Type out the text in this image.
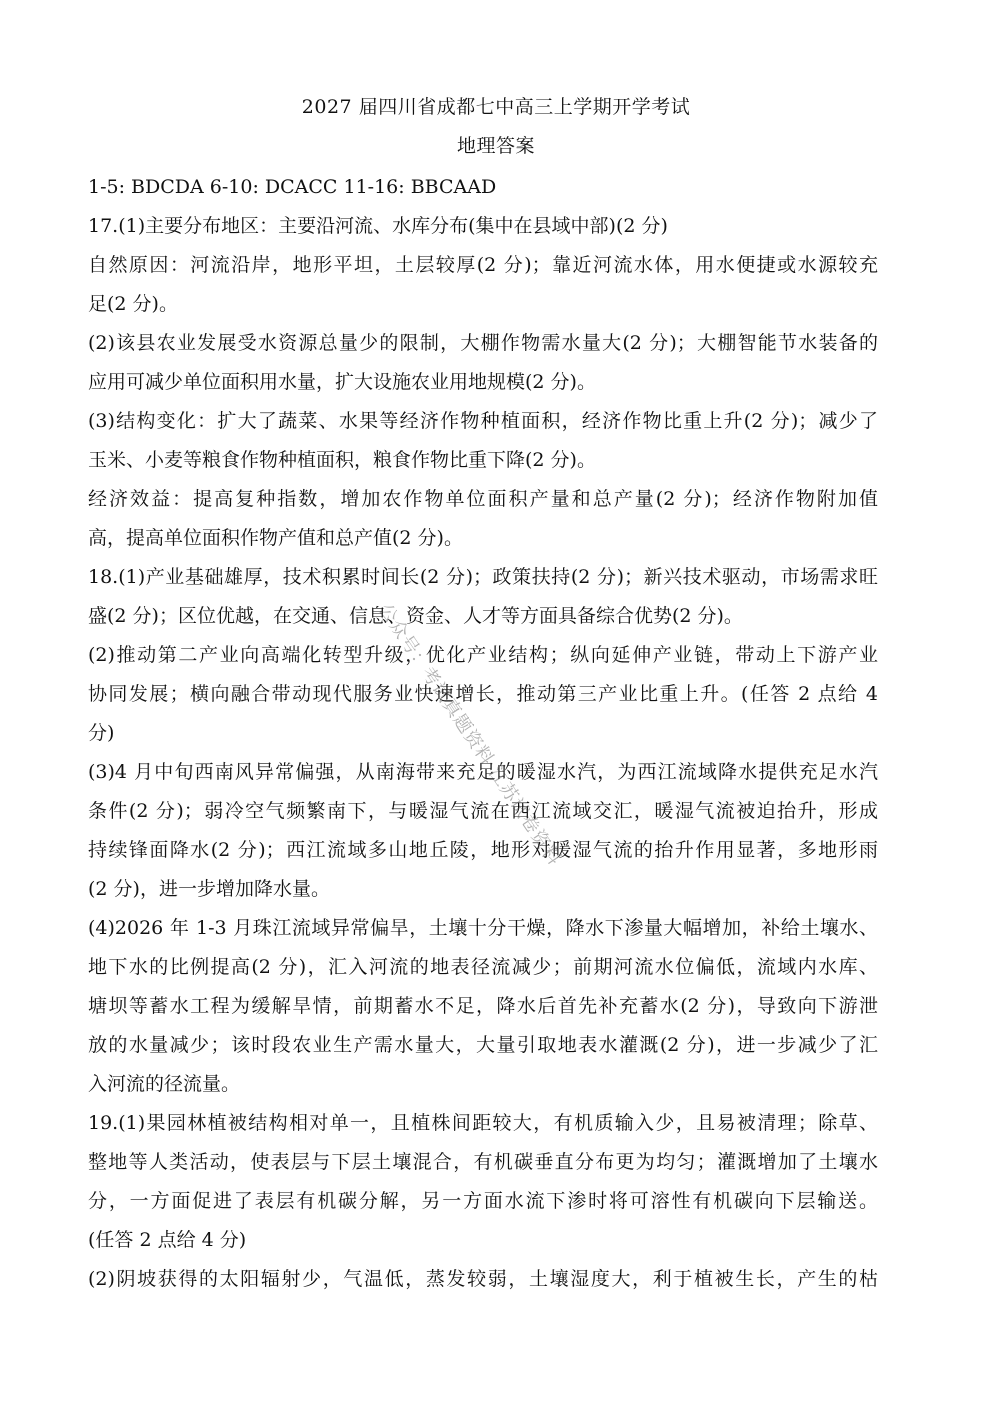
2027 届四川省成都七中高三上学期开学考试
地理答案

1-5: BDCDA 6-10: DCACC 11-16: BBCAAD

17.(1)主要分布地区：主要沿河流、水库分布(集中在县域中部)(2 分)

自然原因：河流沿岸，地形平坦，土层较厚(2 分)；靠近河流水体，用水便捷或水源较充

足(2 分)。

(2)该县农业发展受水资源总量少的限制，大棚作物需水量大(2 分)；大棚智能节水装备的

应用可减少单位面积用水量，扩大设施农业用地规模(2 分)。

(3)结构变化：扩大了蔬菜、水果等经济作物种植面积，经济作物比重上升(2 分)；减少了

玉米、小麦等粮食作物种植面积，粮食作物比重下降(2 分)。

经济效益：提高复种指数，增加农作物单位面积产量和总产量(2 分)；经济作物附加值

高，提高单位面积作物产值和总产值(2 分)。

18.(1)产业基础雄厚，技术积累时间长(2 分)；政策扶持(2 分)；新兴技术驱动，市场需求旺

盛(2 分)；区位优越，在交通、信息、资金、人才等方面具备综合优势(2 分)。

(2)推动第二产业向高端化转型升级，优化产业结构；纵向延伸产业链，带动上下游产业

协同发展；横向融合带动现代服务业快速增长，推动第三产业比重上升。(任答 2 点给 4

分)

(3)4 月中旬西南风异常偏强，从南海带来充足的暖湿水汽，为西江流域降水提供充足水汽

条件(2 分)；弱冷空气频繁南下，与暖湿气流在西江流域交汇，暖湿气流被迫抬升，形成

持续锋面降水(2 分)；西江流域多山地丘陵，地形对暖湿气流的抬升作用显著，多地形雨

(2 分)，进一步增加降水量。

(4)2026 年 1-3 月珠江流域异常偏旱，土壤十分干燥，降水下渗量大幅增加，补给土壤水、

地下水的比例提高(2 分)，汇入河流的地表径流减少；前期河流水位偏低，流域内水库、

塘坝等蓄水工程为缓解旱情，前期蓄水不足，降水后首先补充蓄水(2 分)，导致向下游泄

放的水量减少；该时段农业生产需水量大，大量引取地表水灌溉(2 分)，进一步减少了汇

入河流的径流量。

19.(1)果园林植被结构相对单一，且植株间距较大，有机质输入少，且易被清理；除草、

整地等人类活动，使表层与下层土壤混合，有机碳垂直分布更为均匀；灌溉增加了土壤水

分，一方面促进了表层有机碳分解，另一方面水流下渗时将可溶性有机碳向下层输送。

(任答 2 点给 4 分)

(2)阴坡获得的太阳辐射少，气温低，蒸发较弱，土壤湿度大，利于植被生长，产生的枯

公众号：考试真题资料 江苏试卷资料
